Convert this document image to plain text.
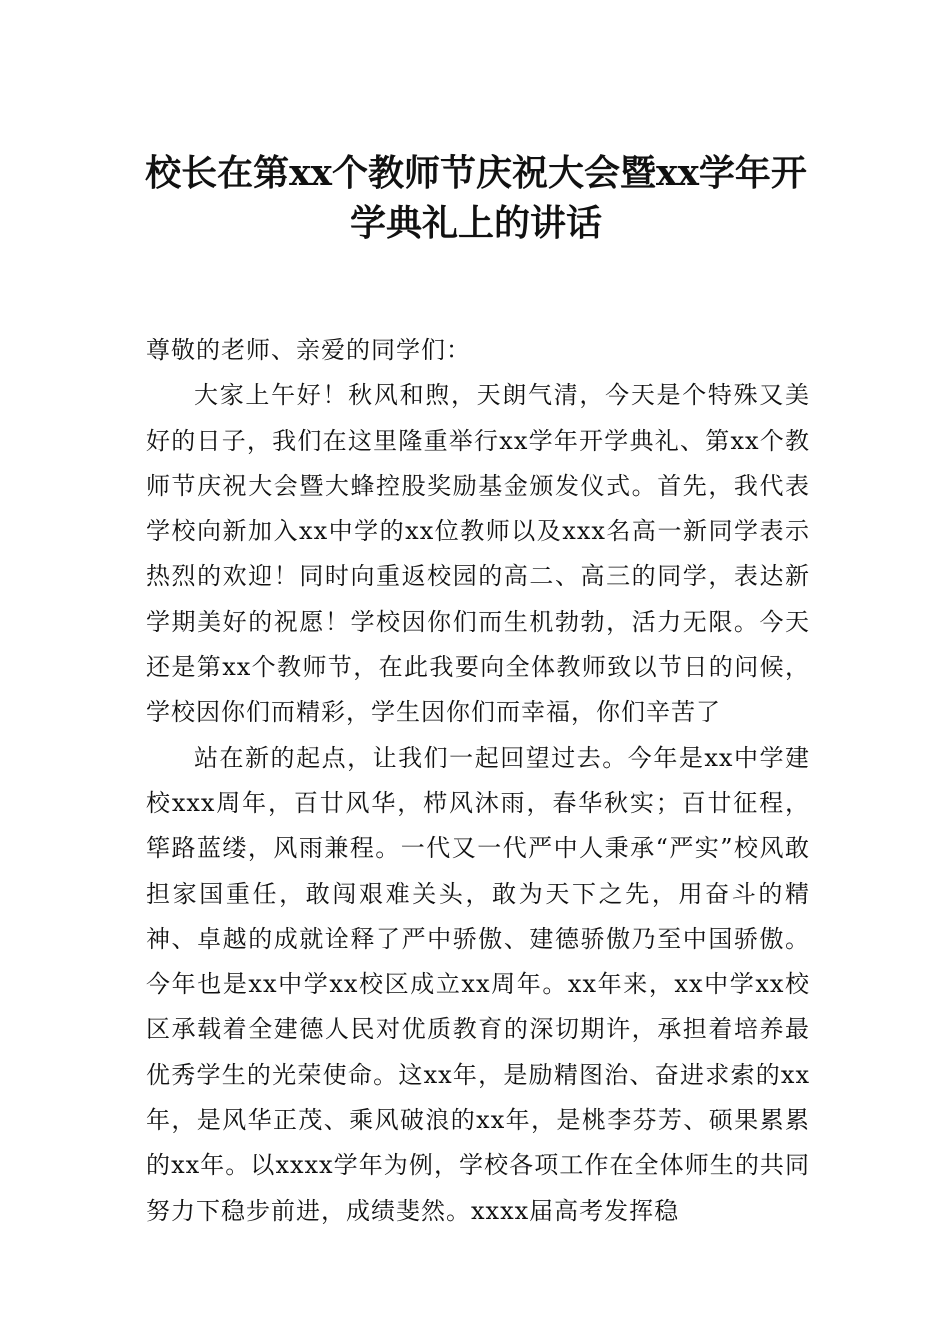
校长在第xx个教师节庆祝大会暨xx学年开学典礼上的讲话

尊敬的老师、亲爱的同学们：

大家上午好！秋风和煦，天朗气清，今天是个特殊又美好的日子，我们在这里隆重举行xx学年开学典礼、第xx个教师节庆祝大会暨大蜂控股奖励基金颁发仪式。首先，我代表学校向新加入xx中学的xx位教师以及xxx名高一新同学表示热烈的欢迎！同时向重返校园的高二、高三的同学，表达新学期美好的祝愿！学校因你们而生机勃勃，活力无限。今天还是第xx个教师节，在此我要向全体教师致以节日的问候，学校因你们而精彩，学生因你们而幸福，你们辛苦了

站在新的起点，让我们一起回望过去。今年是xx中学建校xxx周年，百廿风华，栉风沐雨，春华秋实；百廿征程，筚路蓝缕，风雨兼程。一代又一代严中人秉承“严实”校风敢担家国重任，敢闯艰难关头，敢为天下之先，用奋斗的精神、卓越的成就诠释了严中骄傲、建德骄傲乃至中国骄傲。今年也是xx中学xx校区成立xx周年。xx年来，xx中学xx校区承载着全建德人民对优质教育的深切期许，承担着培养最优秀学生的光荣使命。这xx年，是励精图治、奋进求索的xx年，是风华正茂、乘风破浪的xx年，是桃李芬芳、硕果累累的xx年。以xxxx学年为例，学校各项工作在全体师生的共同努力下稳步前进，成绩斐然。xxxx届高考发挥稳
